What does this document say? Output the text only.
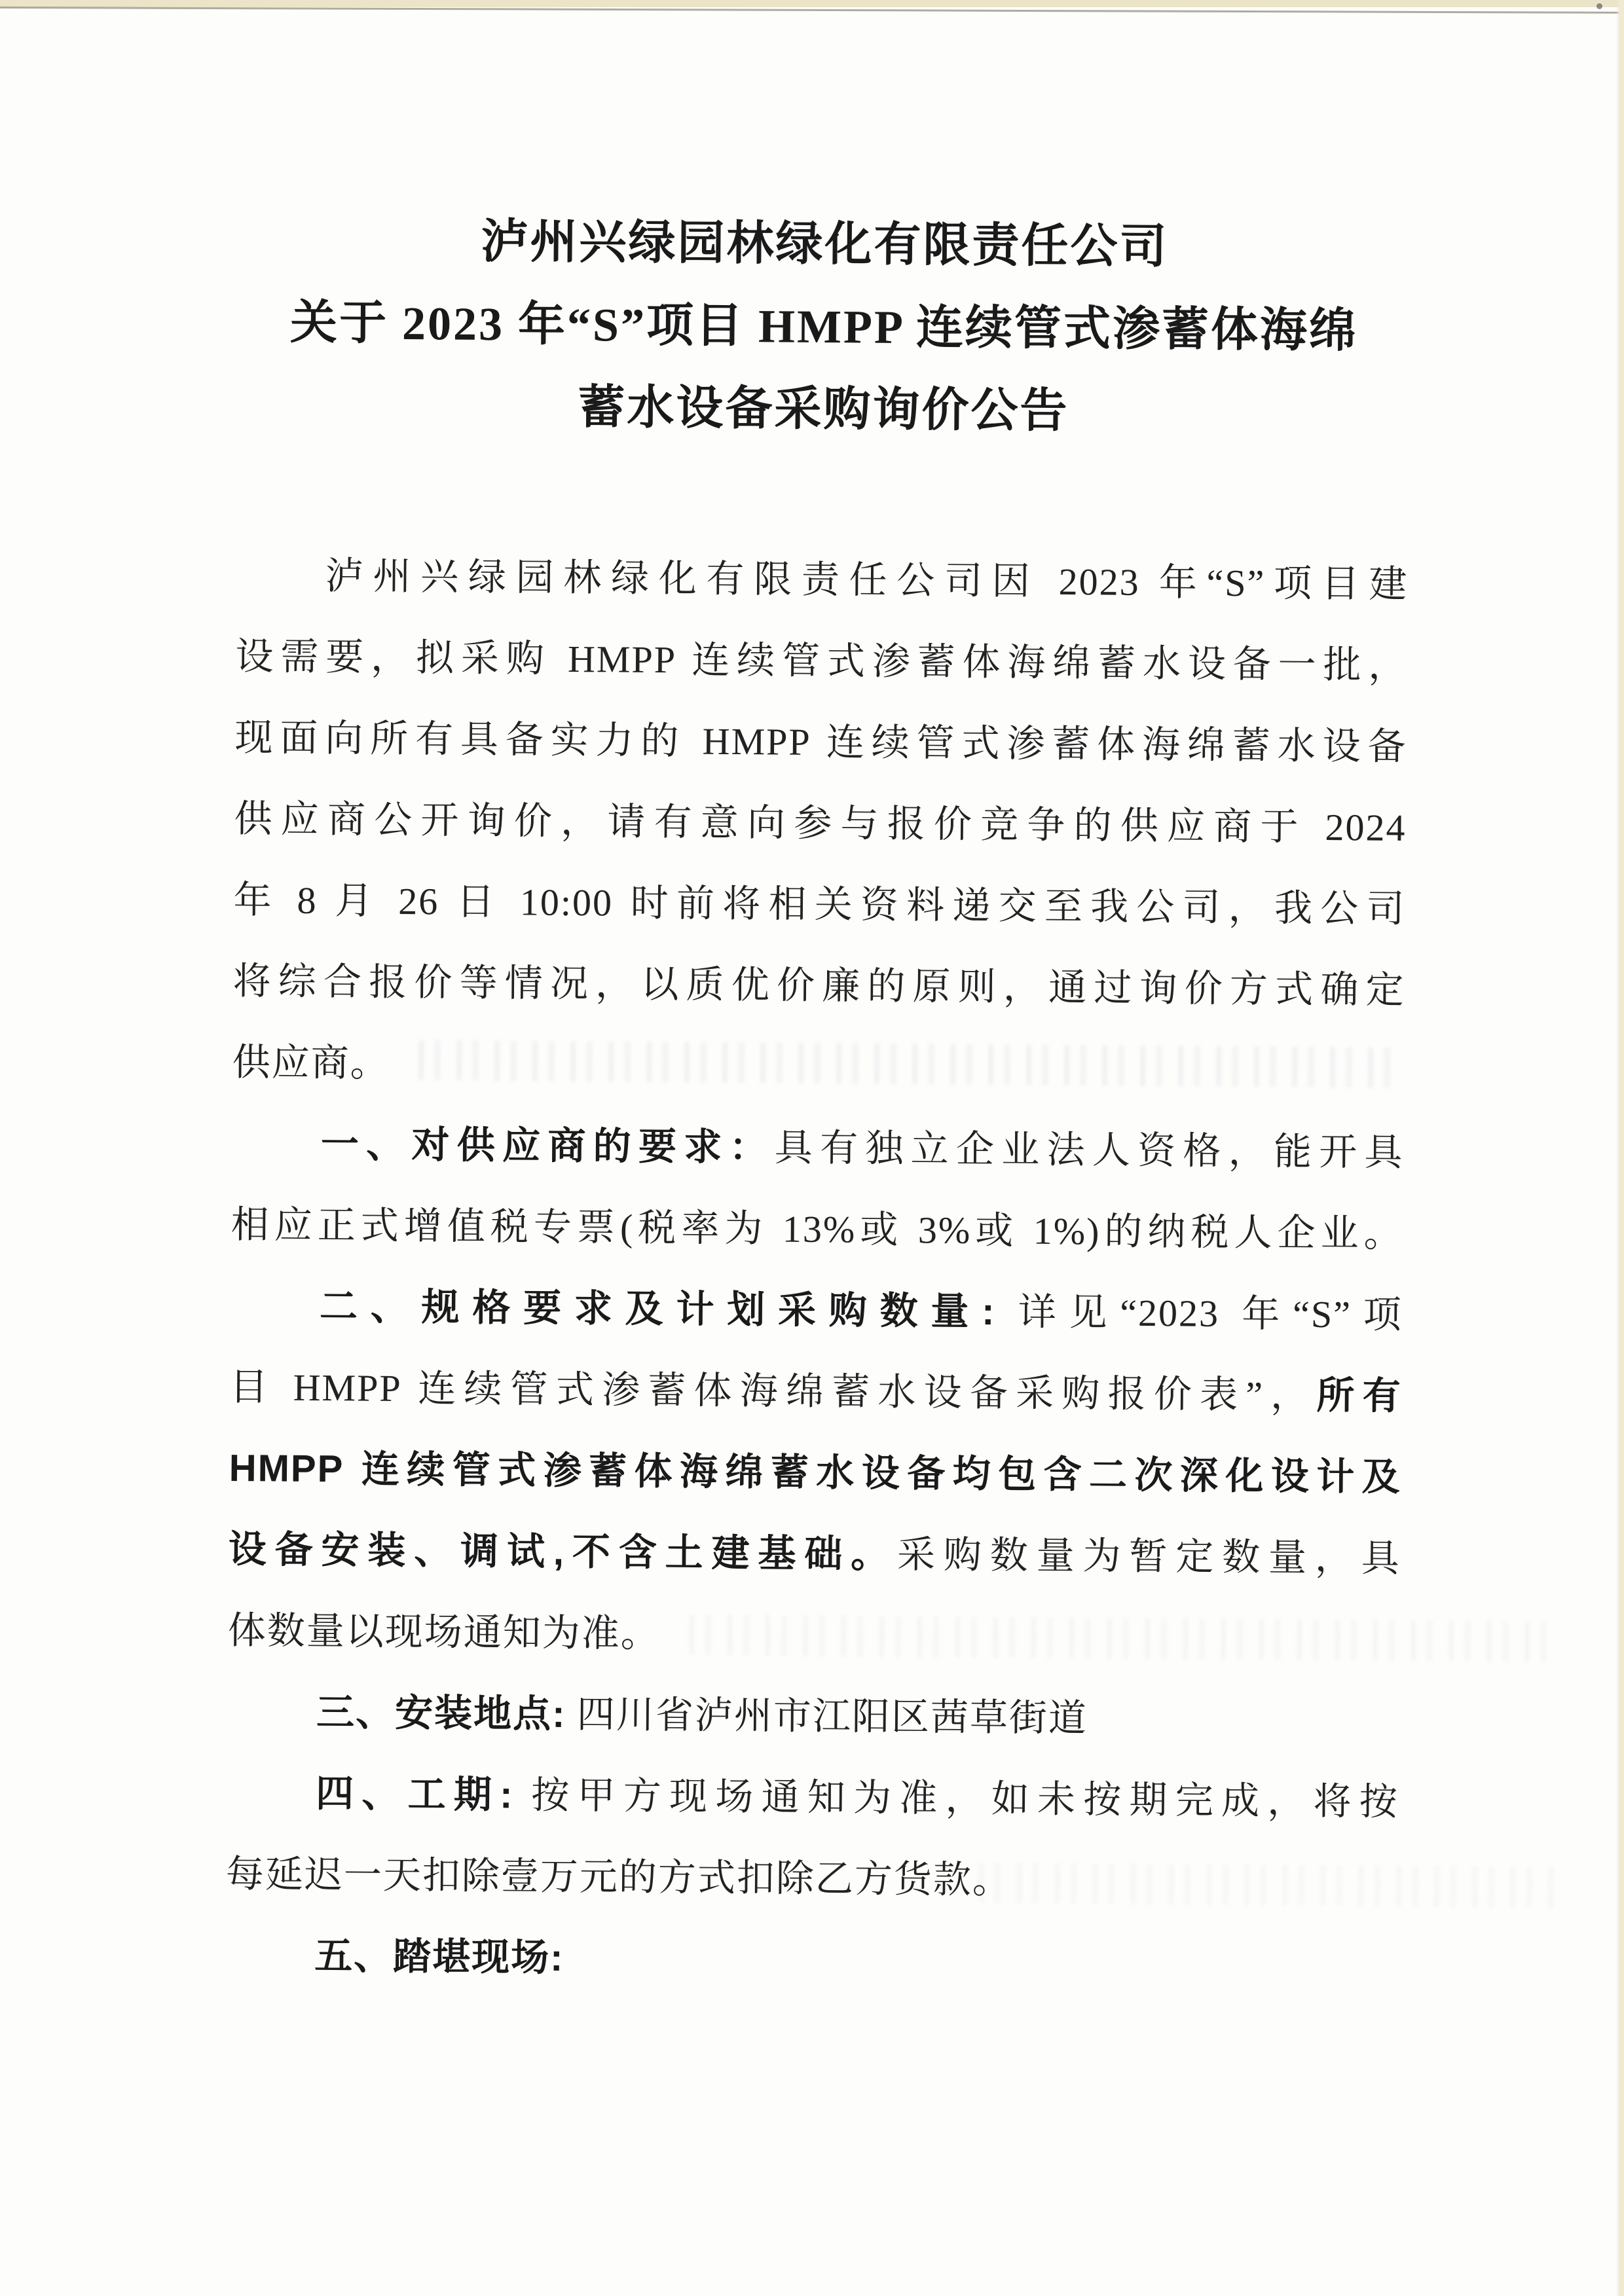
泸州兴绿园林绿化有限责任公司
关于 2023 年“S”项目 HMPP 连续管式渗蓄体海绵
蓄水设备采购询价公告
泸州兴绿园林绿化有限责任公司因 2023 年“S”项目建
设需要，拟采购 HMPP 连续管式渗蓄体海绵蓄水设备一批，
现面向所有具备实力的 HMPP 连续管式渗蓄体海绵蓄水设备
供应商公开询价，请有意向参与报价竞争的供应商于 2024
年 8 月 26 日 10:00 时前将相关资料递交至我公司，我公司
将综合报价等情况，以质优价廉的原则，通过询价方式确定
供应商。
一、对供应商的要求：具有独立企业法人资格，能开具
相应正式增值税专票(税率为 13%或 3%或 1%)的纳税人企业。
二、规格要求及计划采购数量: 详见“2023 年“S”项
目 HMPP 连续管式渗蓄体海绵蓄水设备采购报价表”，所有
HMPP 连续管式渗蓄体海绵蓄水设备均包含二次深化设计及
设备安装、调试,不含土建基础。采购数量为暂定数量，具
体数量以现场通知为准。
三、安装地点: 四川省泸州市江阳区茜草街道
四、工期: 按甲方现场通知为准，如未按期完成，将按
每延迟一天扣除壹万元的方式扣除乙方货款。
五、踏堪现场:
